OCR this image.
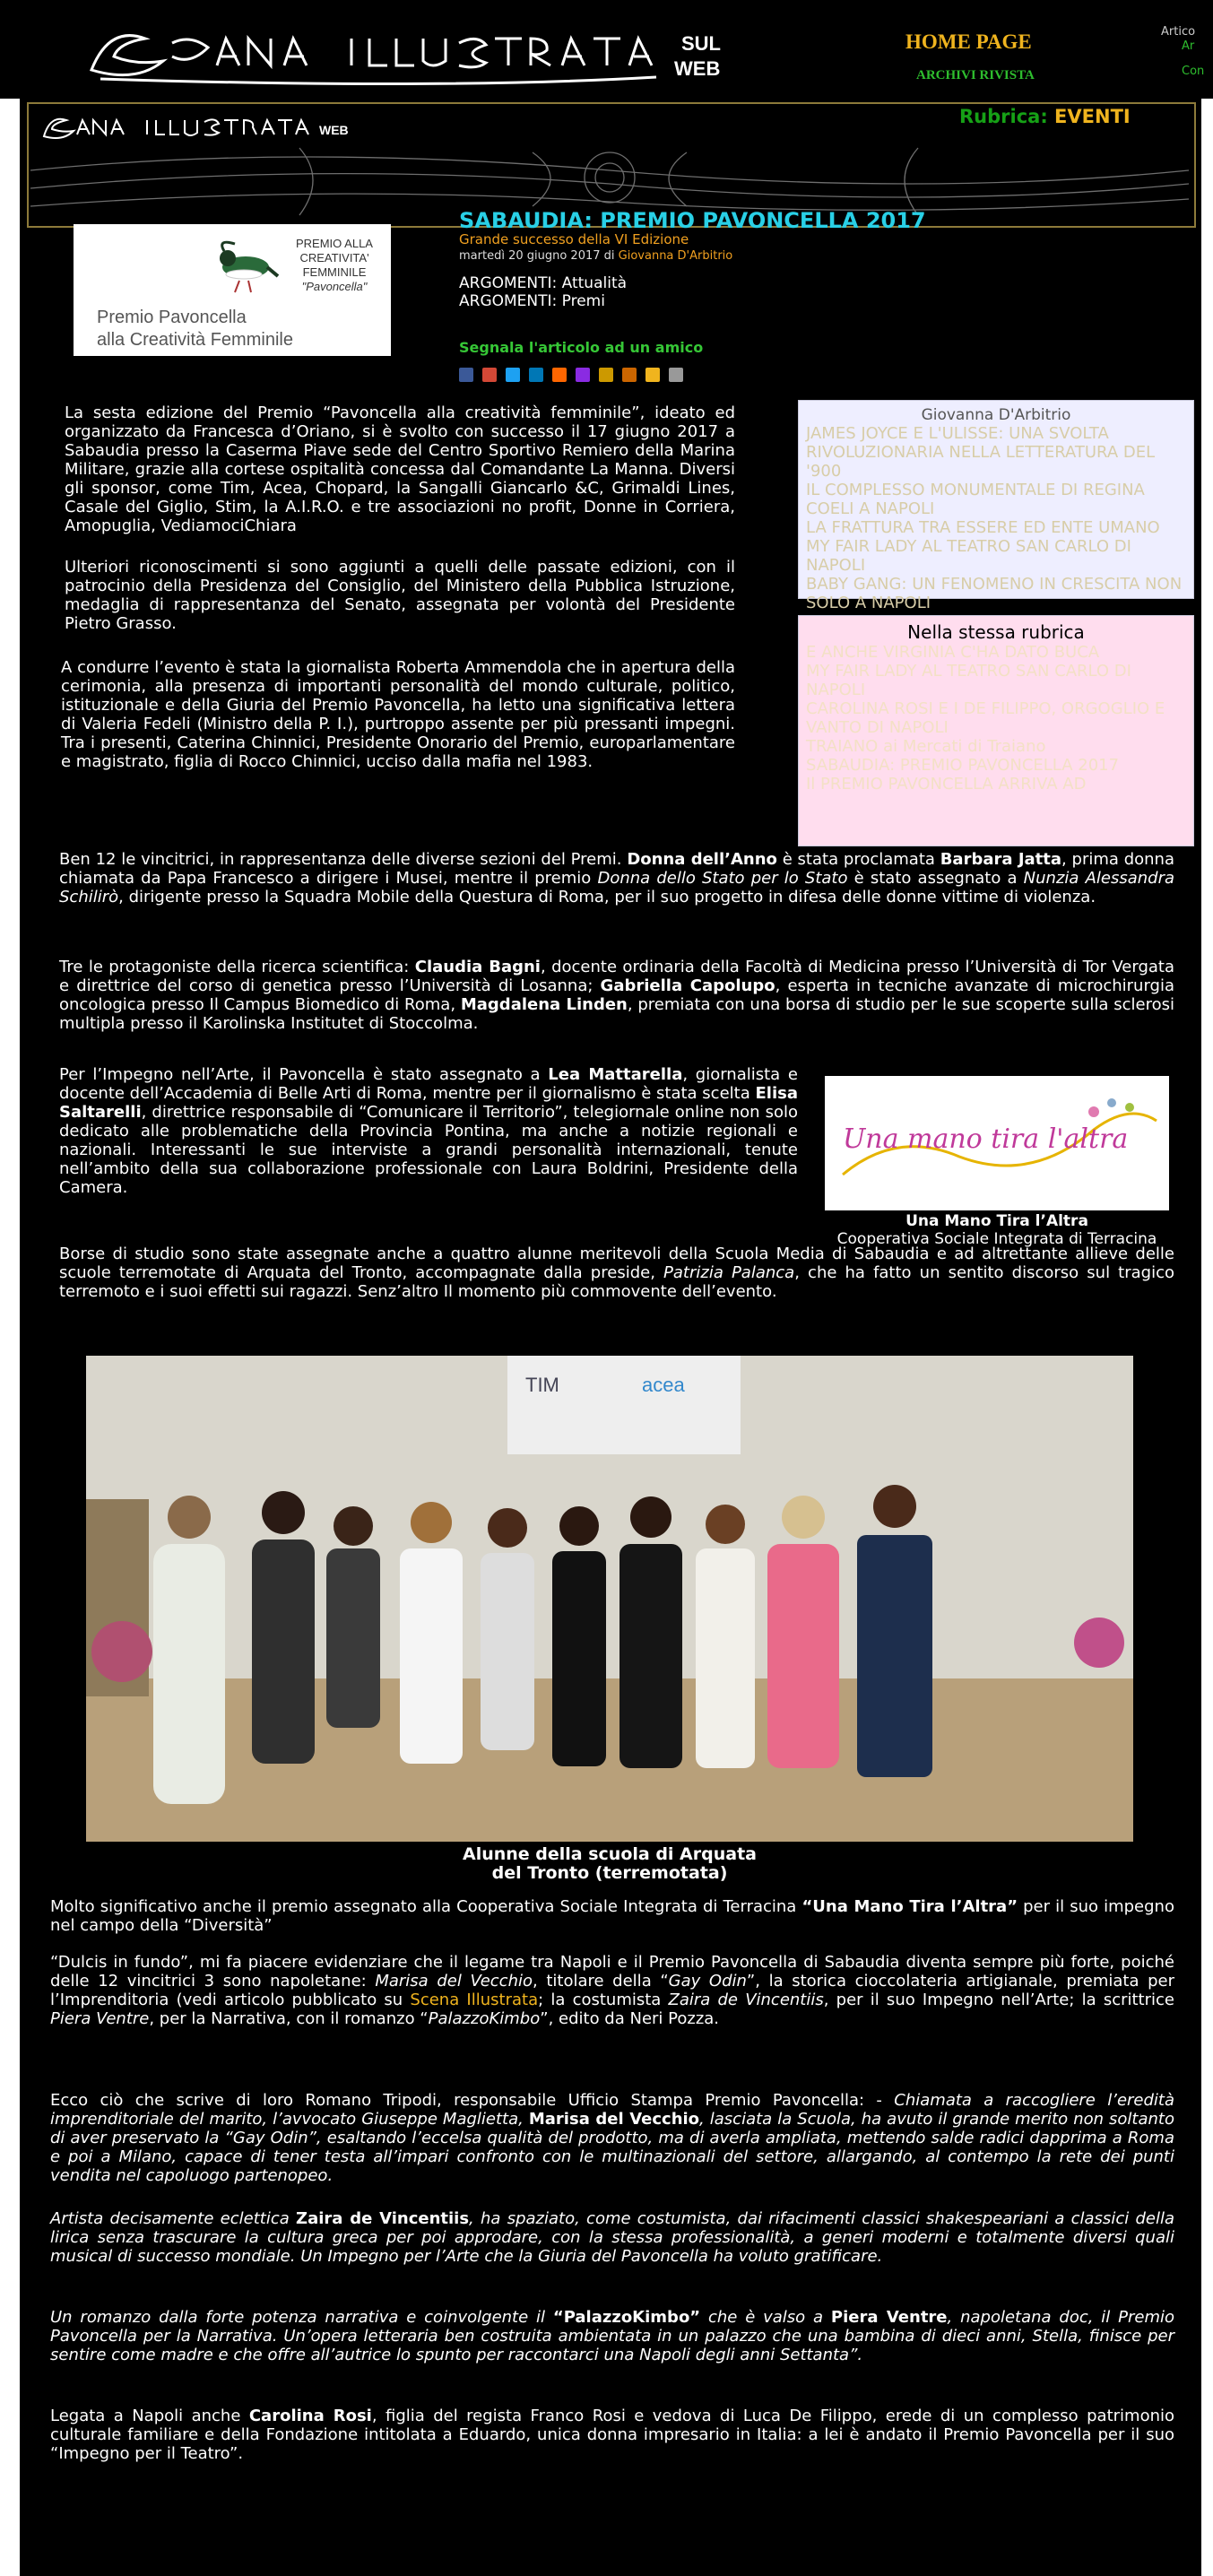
SUL
WEB
HOME PAGE
ARCHIVI RIVISTA
Artico
Ar
Con
WEB
Rubrica: EVENTI
PREMIO ALLA
CREATIVITA'
FEMMINILE
"Pavoncella"
Premio Pavoncella
alla Creatività Femminile
SABAUDIA: PREMIO PAVONCELLA 2017
Grande successo della VI Edizione
martedì 20 giugno 2017 di Giovanna D'Arbitrio
ARGOMENTI: Attualità
ARGOMENTI: Premi
Segnala l'articolo ad un amico
La sesta edizione del Premio “Pavoncella alla creatività femminile”, ideato ed organizzato da Francesca d’Oriano, si è svolto con successo il 17 giugno 2017 a Sabaudia presso la Caserma Piave sede del Centro Sportivo Remiero della Marina Militare, grazie alla cortese ospitalità concessa dal Comandante La Manna. Diversi gli sponsor, come Tim, Acea, Chopard, la Sangalli Giancarlo &C, Grimaldi Lines, Casale del Giglio, Stim, la A.I.R.O. e tre associazioni no profit, Donne in Corriera, Amopuglia, VediamociChiara
Ulteriori riconoscimenti si sono aggiunti a quelli delle passate edizioni, con il patrocinio della Presidenza del Consiglio, del Ministero della Pubblica Istruzione,
medaglia di rappresentanza del Senato, assegnata per volontà del Presidente Pietro Grasso.
A condurre l’evento è stata la giornalista Roberta Ammendola che in apertura della cerimonia, alla presenza di importanti personalità del mondo culturale, politico, istituzionale e della Giuria del Premio Pavoncella, ha letto una significativa lettera di Valeria Fedeli (Ministro della P. I.), purtroppo assente per più pressanti impegni. Tra i presenti, Caterina Chinnici, Presidente Onorario del Premio, europarlamentare e magistrato, figlia di Rocco Chinnici, ucciso dalla mafia nel 1983.
Giovanna D'Arbitrio
JAMES JOYCE E L'ULISSE: UNA SVOLTA RIVOLUZIONARIA NELLA LETTERATURA DEL '900
IL COMPLESSO MONUMENTALE DI REGINA COELI A NAPOLI
LA FRATTURA TRA ESSERE ED ENTE UMANO
MY FAIR LADY AL TEATRO SAN CARLO DI NAPOLI
BABY GANG: UN FENOMENO IN CRESCITA NON SOLO A NAPOLI
Nella stessa rubrica
E ANCHE VIRGINIA C'HA DATO BUCA
MY FAIR LADY AL TEATRO SAN CARLO DI NAPOLI
CAROLINA ROSI E I DE FILIPPO, ORGOGLIO E VANTO DI NAPOLI
TRAIANO ai Mercati di Traiano
SABAUDIA: PREMIO PAVONCELLA 2017
Il PREMIO PAVONCELLA ARRIVA AD
Ben 12 le vincitrici, in rappresentanza delle diverse sezioni del Premi. Donna dell’Anno è stata proclamata Barbara Jatta, prima donna chiamata da Papa Francesco a dirigere i Musei, mentre il premio Donna dello Stato per lo Stato è stato assegnato a Nunzia Alessandra Schilirò, dirigente presso la Squadra Mobile della Questura di Roma, per il suo progetto in difesa delle donne vittime di violenza.
Tre le protagoniste della ricerca scientifica: Claudia Bagni, docente ordinaria della Facoltà di Medicina presso l’Università di Tor Vergata e direttrice del corso di genetica presso l’Università di Losanna; Gabriella Capolupo, esperta in tecniche avanzate di microchirurgia oncologica presso Il Campus Biomedico di Roma, Magdalena Linden, premiata con una borsa di studio per le sue scoperte sulla sclerosi multipla presso il Karolinska Institutet di Stoccolma.
Per l’Impegno nell’Arte, il Pavoncella è stato assegnato a Lea Mattarella, giornalista e docente dell’Accademia di Belle Arti di Roma, mentre per il giornalismo è stata scelta Elisa Saltarelli, direttrice responsabile di “Comunicare il Territorio”, telegiornale online non solo dedicato alle problematiche della Provincia Pontina, ma anche a notizie regionali e nazionali. Interessanti le sue interviste a grandi personalità internazionali, tenute nell’ambito della sua collaborazione professionale con Laura Boldrini, Presidente della Camera.
Una mano tira l'altra
Una Mano Tira l’Altra
Cooperativa Sociale Integrata di Terracina
Borse di studio sono state assegnate anche a quattro alunne meritevoli della Scuola Media di Sabaudia e ad altrettante allieve delle scuole terremotate di Arquata del Tronto, accompagnate dalla preside, Patrizia Palanca, che ha fatto un sentito discorso sul tragico terremoto e i suoi effetti sui ragazzi. Senz’altro Il momento più commovente dell’evento.
TIM	acea
Alunne della scuola di Arquata
del Tronto (terremotata)
Molto significativo anche il premio assegnato alla Cooperativa Sociale Integrata di Terracina “Una Mano Tira l’Altra” per il suo impegno nel campo della “Diversità”
“Dulcis in fundo”, mi fa piacere evidenziare che il legame tra Napoli e il Premio Pavoncella di Sabaudia diventa sempre più forte, poiché delle 12 vincitrici 3 sono napoletane: Marisa del Vecchio, titolare della “Gay Odin”, la storica cioccolateria artigianale, premiata per l’Imprenditoria (vedi articolo pubblicato su Scena Illustrata; la costumista Zaira de Vincentiis, per il suo Impegno nell’Arte; la scrittrice Piera Ventre, per la Narrativa, con il romanzo “PalazzoKimbo”, edito da Neri Pozza.
Ecco ciò che scrive di loro Romano Tripodi, responsabile Ufficio Stampa Premio Pavoncella: - Chiamata a raccogliere l’eredità imprenditoriale del marito, l’avvocato Giuseppe Maglietta, Marisa del Vecchio, lasciata la Scuola, ha avuto il grande merito non soltanto di aver preservato la “Gay Odin”, esaltando l’eccelsa qualità del prodotto, ma di averla ampliata, mettendo salde radici dapprima a Roma e poi a Milano, capace di tener testa all’impari confronto con le multinazionali del settore, allargando, al contempo la rete dei punti vendita nel capoluogo partenopeo.
Artista decisamente eclettica Zaira de Vincentiis, ha spaziato, come costumista, dai rifacimenti classici shakespeariani a classici della lirica senza trascurare la cultura greca per poi approdare, con la stessa professionalità, a generi moderni e totalmente diversi quali musical di successo mondiale. Un Impegno per l’Arte che la Giuria del Pavoncella ha voluto gratificare.
Un romanzo dalla forte potenza narrativa e coinvolgente il “PalazzoKimbo” che è valso a Piera Ventre, napoletana doc, il Premio Pavoncella per la Narrativa. Un’opera letteraria ben costruita ambientata in un palazzo che una bambina di dieci anni, Stella, finisce per sentire come madre e che offre all’autrice lo spunto per raccontarci una Napoli degli anni Settanta”.
Legata a Napoli anche Carolina Rosi, figlia del regista Franco Rosi e vedova di Luca De Filippo, erede di un complesso patrimonio culturale familiare e della Fondazione intitolata a Eduardo, unica donna impresario in Italia: a lei è andato il Premio Pavoncella per il suo “Impegno per il Teatro”.
